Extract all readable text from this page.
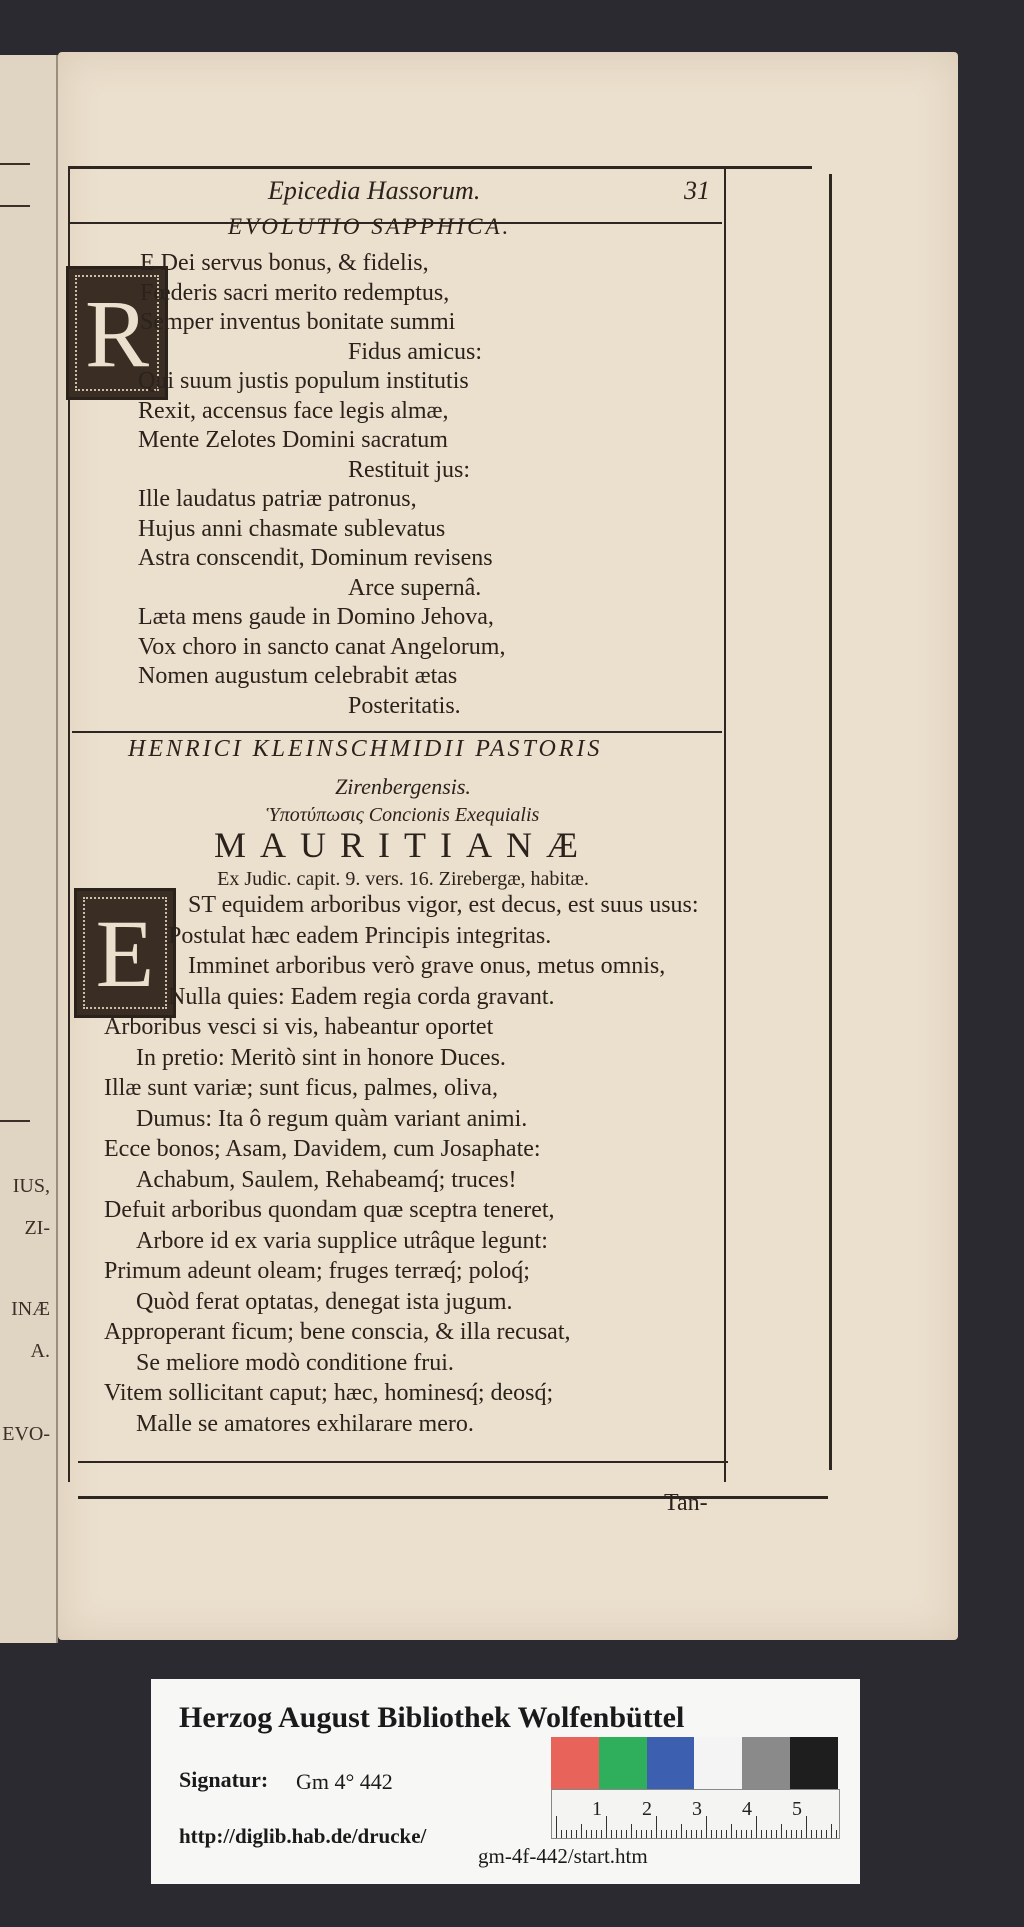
IUS,
ZI-
INÆ
A.
EVO-
Epicedia Hassorum.	31
EVOLUTIO SAPPHICA.
R
E Dei servus bonus, & fidelis,
Fœderis sacri merito redemptus,
Semper inventus bonitate summi
Fidus amicus:
Qui suum justis populum institutis
Rexit, accensus face legis almæ,
Mente Zelotes Domini sacratum
Restituit jus:
Ille laudatus patriæ patronus,
Hujus anni chasmate sublevatus
Astra conscendit, Dominum revisens
Arce supernâ.
Læta mens gaude in Domino Jehova,
Vox choro in sancto canat Angelorum,
Nomen augustum celebrabit ætas
Posteritatis.
HENRICI KLEINSCHMIDII PASTORIS
Zirenbergensis.
Ὑποτύπωσις Concionis Exequialis
MAURITIANÆ
Ex Judic. capit. 9. vers. 16. Zirebergæ, habitæ.
E	ST equidem arboribus vigor, est decus, est suus usus:
Postulat hæc eadem Principis integritas.
Imminet arboribus verò grave onus, metus omnis,
Nulla quies: Eadem regia corda gravant.
Arboribus vesci si vis, habeantur oportet
In pretio: Meritò sint in honore Duces.
Illæ sunt variæ; sunt ficus, palmes, oliva,
Dumus: Ita ô regum quàm variant animi.
Ecce bonos; Asam, Davidem, cum Josaphate:
Achabum, Saulem, Rehabeamq́; truces!
Defuit arboribus quondam quæ sceptra teneret,
Arbore id ex varia supplice utrâque legunt:
Primum adeunt oleam; fruges terræq́; poloq́;
Quòd ferat optatas, denegat ista jugum.
Approperant ficum; bene conscia, & illa recusat,
Se meliore modò conditione frui.
Vitem sollicitant caput; hæc, hominesq́; deosq́;
Malle se amatores exhilarare mero.
Tan-
Herzog August Bibliothek Wolfenbüttel
Signatur: Gm 4° 442
http://diglib.hab.de/drucke/
gm-4f-442/start.htm
1 2 3 4 5
